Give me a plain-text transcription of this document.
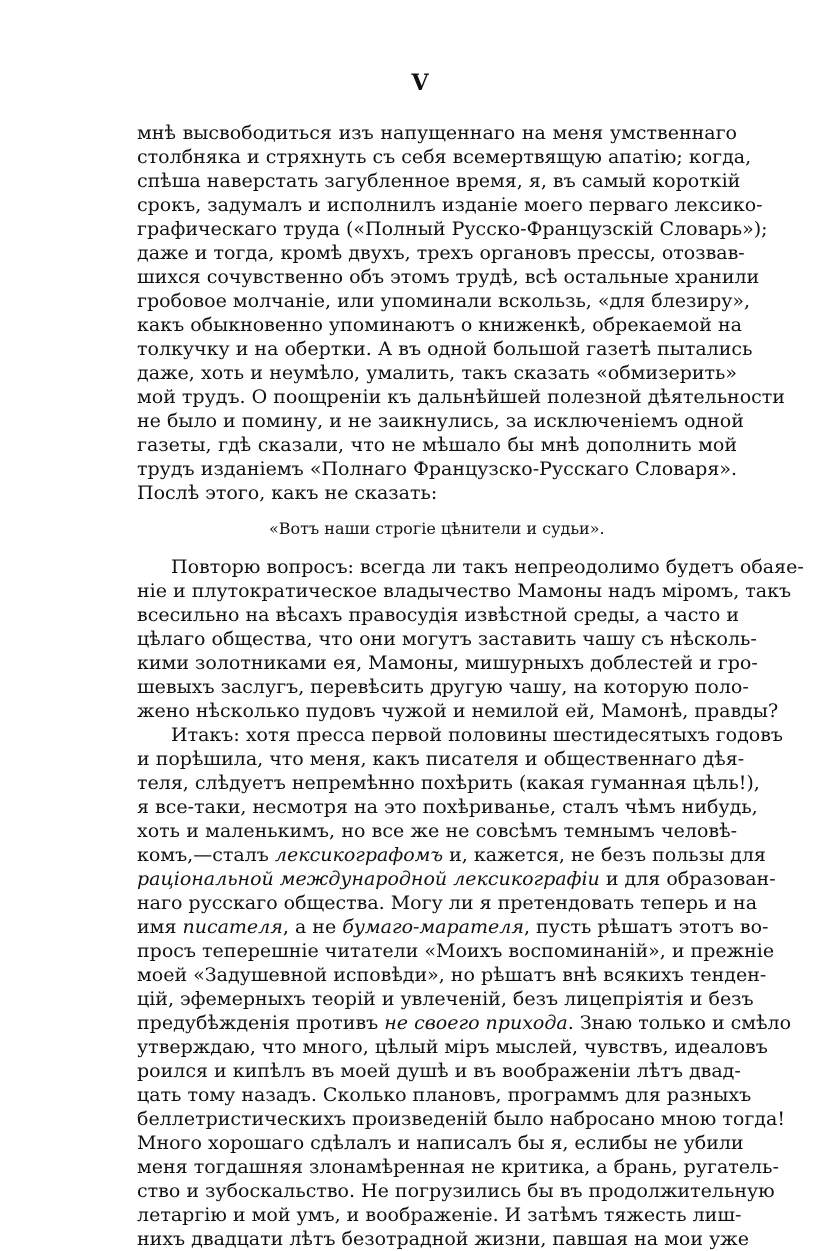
V
мнѣ высвободиться изъ напущеннаго на меня умственнаго
столбняка и стряхнуть съ себя всемертвящую апатію; когда,
спѣша наверстать загубленное время, я, въ самый короткій
срокъ, задумалъ и исполнилъ изданіе моего перваго лексико-
графическаго труда («Полный Русско-Французскій Словарь»);
даже и тогда, кромѣ двухъ, трехъ органовъ прессы, отозвав-
шихся сочувственно объ этомъ трудѣ, всѣ остальные хранили
гробовое молчаніе, или упоминали вскользь, «для блезиру»,
какъ обыкновенно упоминаютъ о книженкѣ, обрекаемой на
толкучку и на обертки. А въ одной большой газетѣ пытались
даже, хоть и неумѣло, умалить, такъ сказать «обмизерить»
мой трудъ. О поощреніи къ дальнѣйшей полезной дѣятельности
не было и помину, и не заикнулись, за исключеніемъ одной
газеты, гдѣ сказали, что не мѣшало бы мнѣ дополнить мой
трудъ изданіемъ «Полнаго Французско-Русскаго Словаря».
Послѣ этого, какъ не сказать:
«Вотъ наши строгіе цѣнители и судьи».
Повторю вопросъ: всегда ли такъ непреодолимо будетъ обаяе-
ніе и плутократическое владычество Мамоны надъ міромъ, такъ
всесильно на вѣсахъ правосудія извѣстной среды, а часто и
цѣлаго общества, что они могутъ заставить чашу съ нѣсколь-
кими золотниками ея, Мамоны, мишурныхъ доблестей и гро-
шевыхъ заслугъ, перевѣсить другую чашу, на которую поло-
жено нѣсколько пудовъ чужой и немилой ей, Мамонѣ, правды?
Итакъ: хотя пресса первой половины шестидесятыхъ годовъ
и порѣшила, что меня, какъ писателя и общественнаго дѣя-
теля, слѣдуетъ непремѣнно похѣрить (какая гуманная цѣль!),
я все-таки, несмотря на это похѣриванье, сталъ чѣмъ нибудь,
хоть и маленькимъ, но все же не совсѣмъ темнымъ человѣ-
комъ,—сталъ лексикографомъ и, кажется, не безъ пользы для
раціональной международной лексикографіи и для образован-
наго русскаго общества. Могу ли я претендовать теперь и на
имя писателя, а не бумаго-марателя, пусть рѣшатъ этотъ во-
просъ теперешніе читатели «Моихъ воспоминаній», и прежніе
моей «Задушевной исповѣди», но рѣшатъ внѣ всякихъ тенден-
цій, эфемерныхъ теорій и увлеченій, безъ лицепріятія и безъ
предубѣжденія противъ не своего прихода. Знаю только и смѣло
утверждаю, что много, цѣлый міръ мыслей, чувствъ, идеаловъ
роился и кипѣлъ въ моей душѣ и въ воображеніи лѣтъ двад-
цать тому назадъ. Сколько плановъ, программъ для разныхъ
беллетристическихъ произведеній было набросано мною тогда!
Много хорошаго сдѣлалъ и написалъ бы я, еслибы не убили
меня тогдашняя злонамѣренная не критика, а брань, ругатель-
ство и зубоскальство. Не погрузились бы въ продолжительную
летаргію и мой умъ, и воображеніе. И затѣмъ тяжесть лиш-
нихъ двадцати лѣтъ безотрадной жизни, павшая на мои уже
